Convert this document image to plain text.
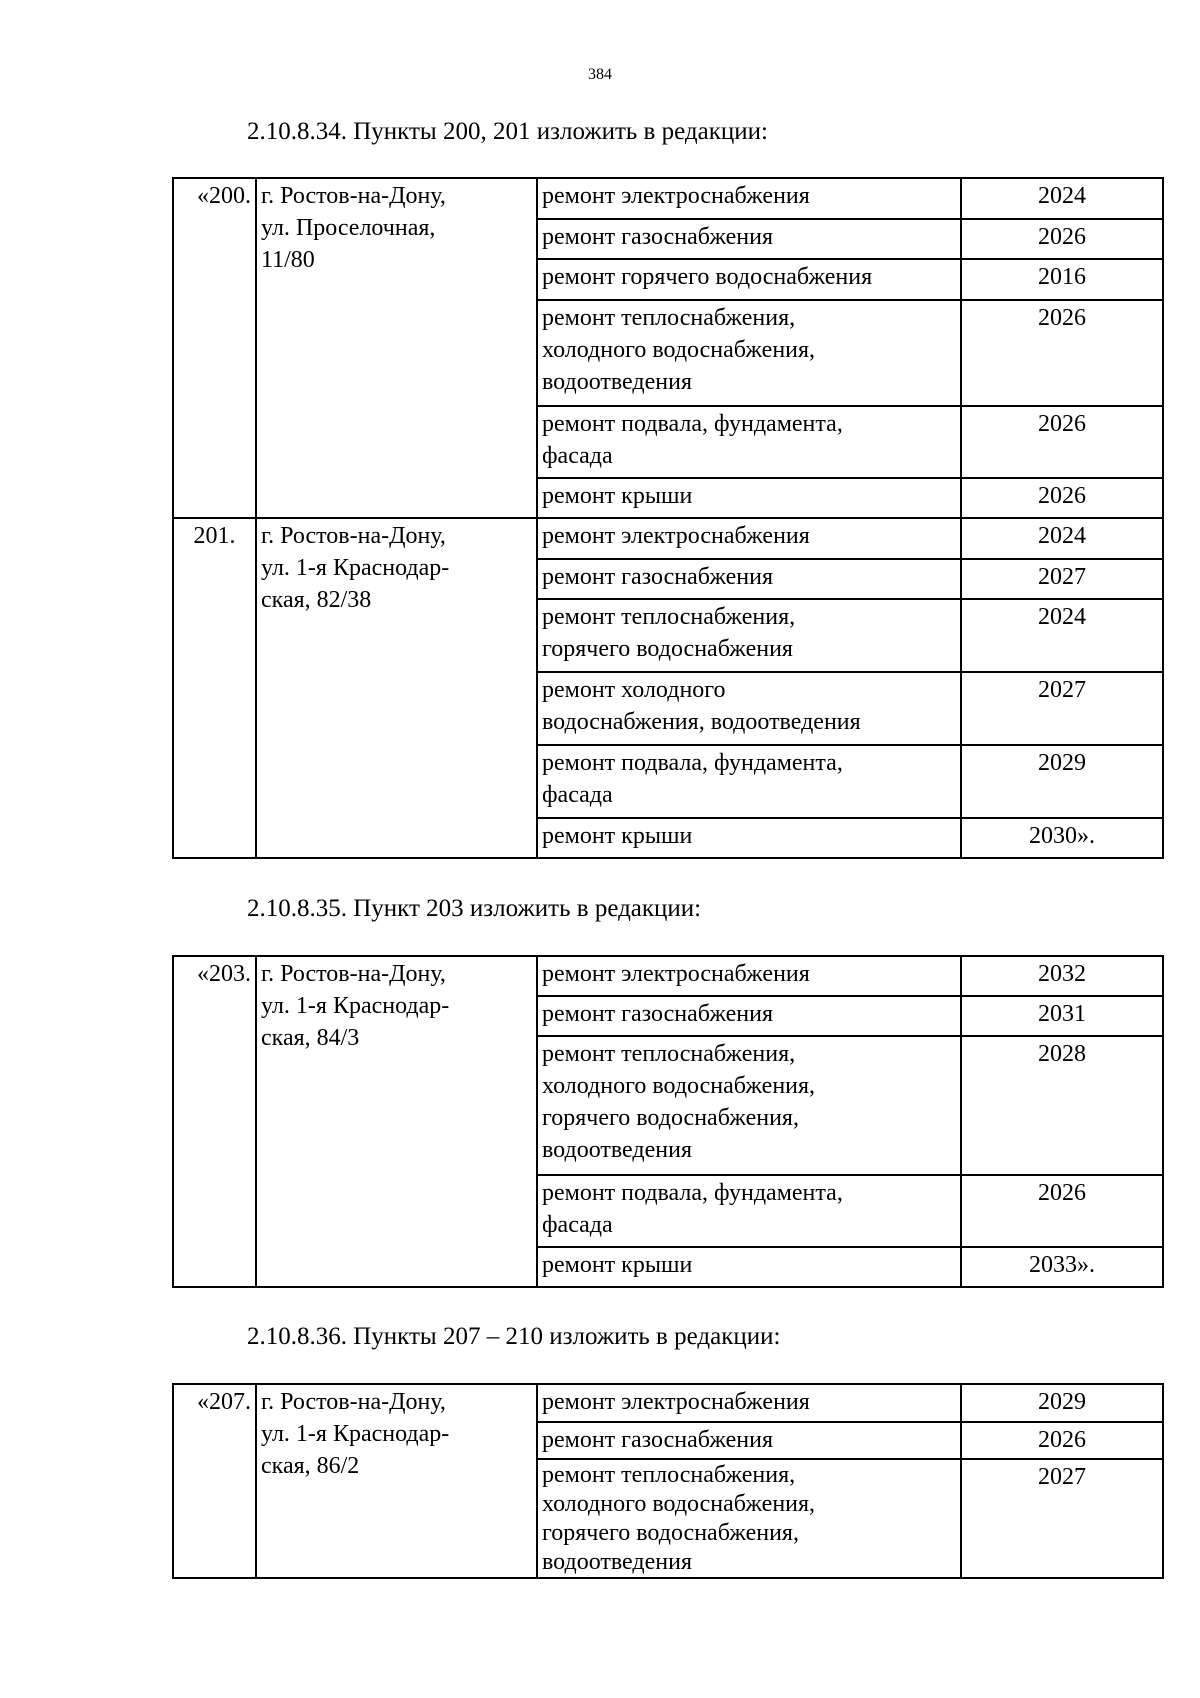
384
2.10.8.34. Пункты 200, 201 изложить в редакции:
«200.	г. Ростов-на-Дону,
ул. Проселочная,
11/80	ремонт электроснабжения	2024
		ремонт газоснабжения	2026
		ремонт горячего водоснабжения	2016
		ремонт теплоснабжения,
холодного водоснабжения,
водоотведения	2026
		ремонт подвала, фундамента,
фасада	2026
		ремонт крыши	2026
201.	г. Ростов-на-Дону,
ул. 1-я Краснодар-
ская, 82/38	ремонт электроснабжения	2024
		ремонт газоснабжения	2027
		ремонт теплоснабжения,
горячего водоснабжения	2024
		ремонт холодного
водоснабжения, водоотведения	2027
		ремонт подвала, фундамента,
фасада	2029
		ремонт крыши	2030».
2.10.8.35. Пункт 203 изложить в редакции:
«203.	г. Ростов-на-Дону,
ул. 1-я Краснодар-
ская, 84/3	ремонт электроснабжения	2032
		ремонт газоснабжения	2031
		ремонт теплоснабжения,
холодного водоснабжения,
горячего водоснабжения,
водоотведения	2028
		ремонт подвала, фундамента,
фасада	2026
		ремонт крыши	2033».
2.10.8.36. Пункты 207 – 210 изложить в редакции:
«207.	г. Ростов-на-Дону,
ул. 1-я Краснодар-
ская, 86/2	ремонт электроснабжения	2029
		ремонт газоснабжения	2026
		ремонт теплоснабжения,
холодного водоснабжения,
горячего водоснабжения,
водоотведения	2027
